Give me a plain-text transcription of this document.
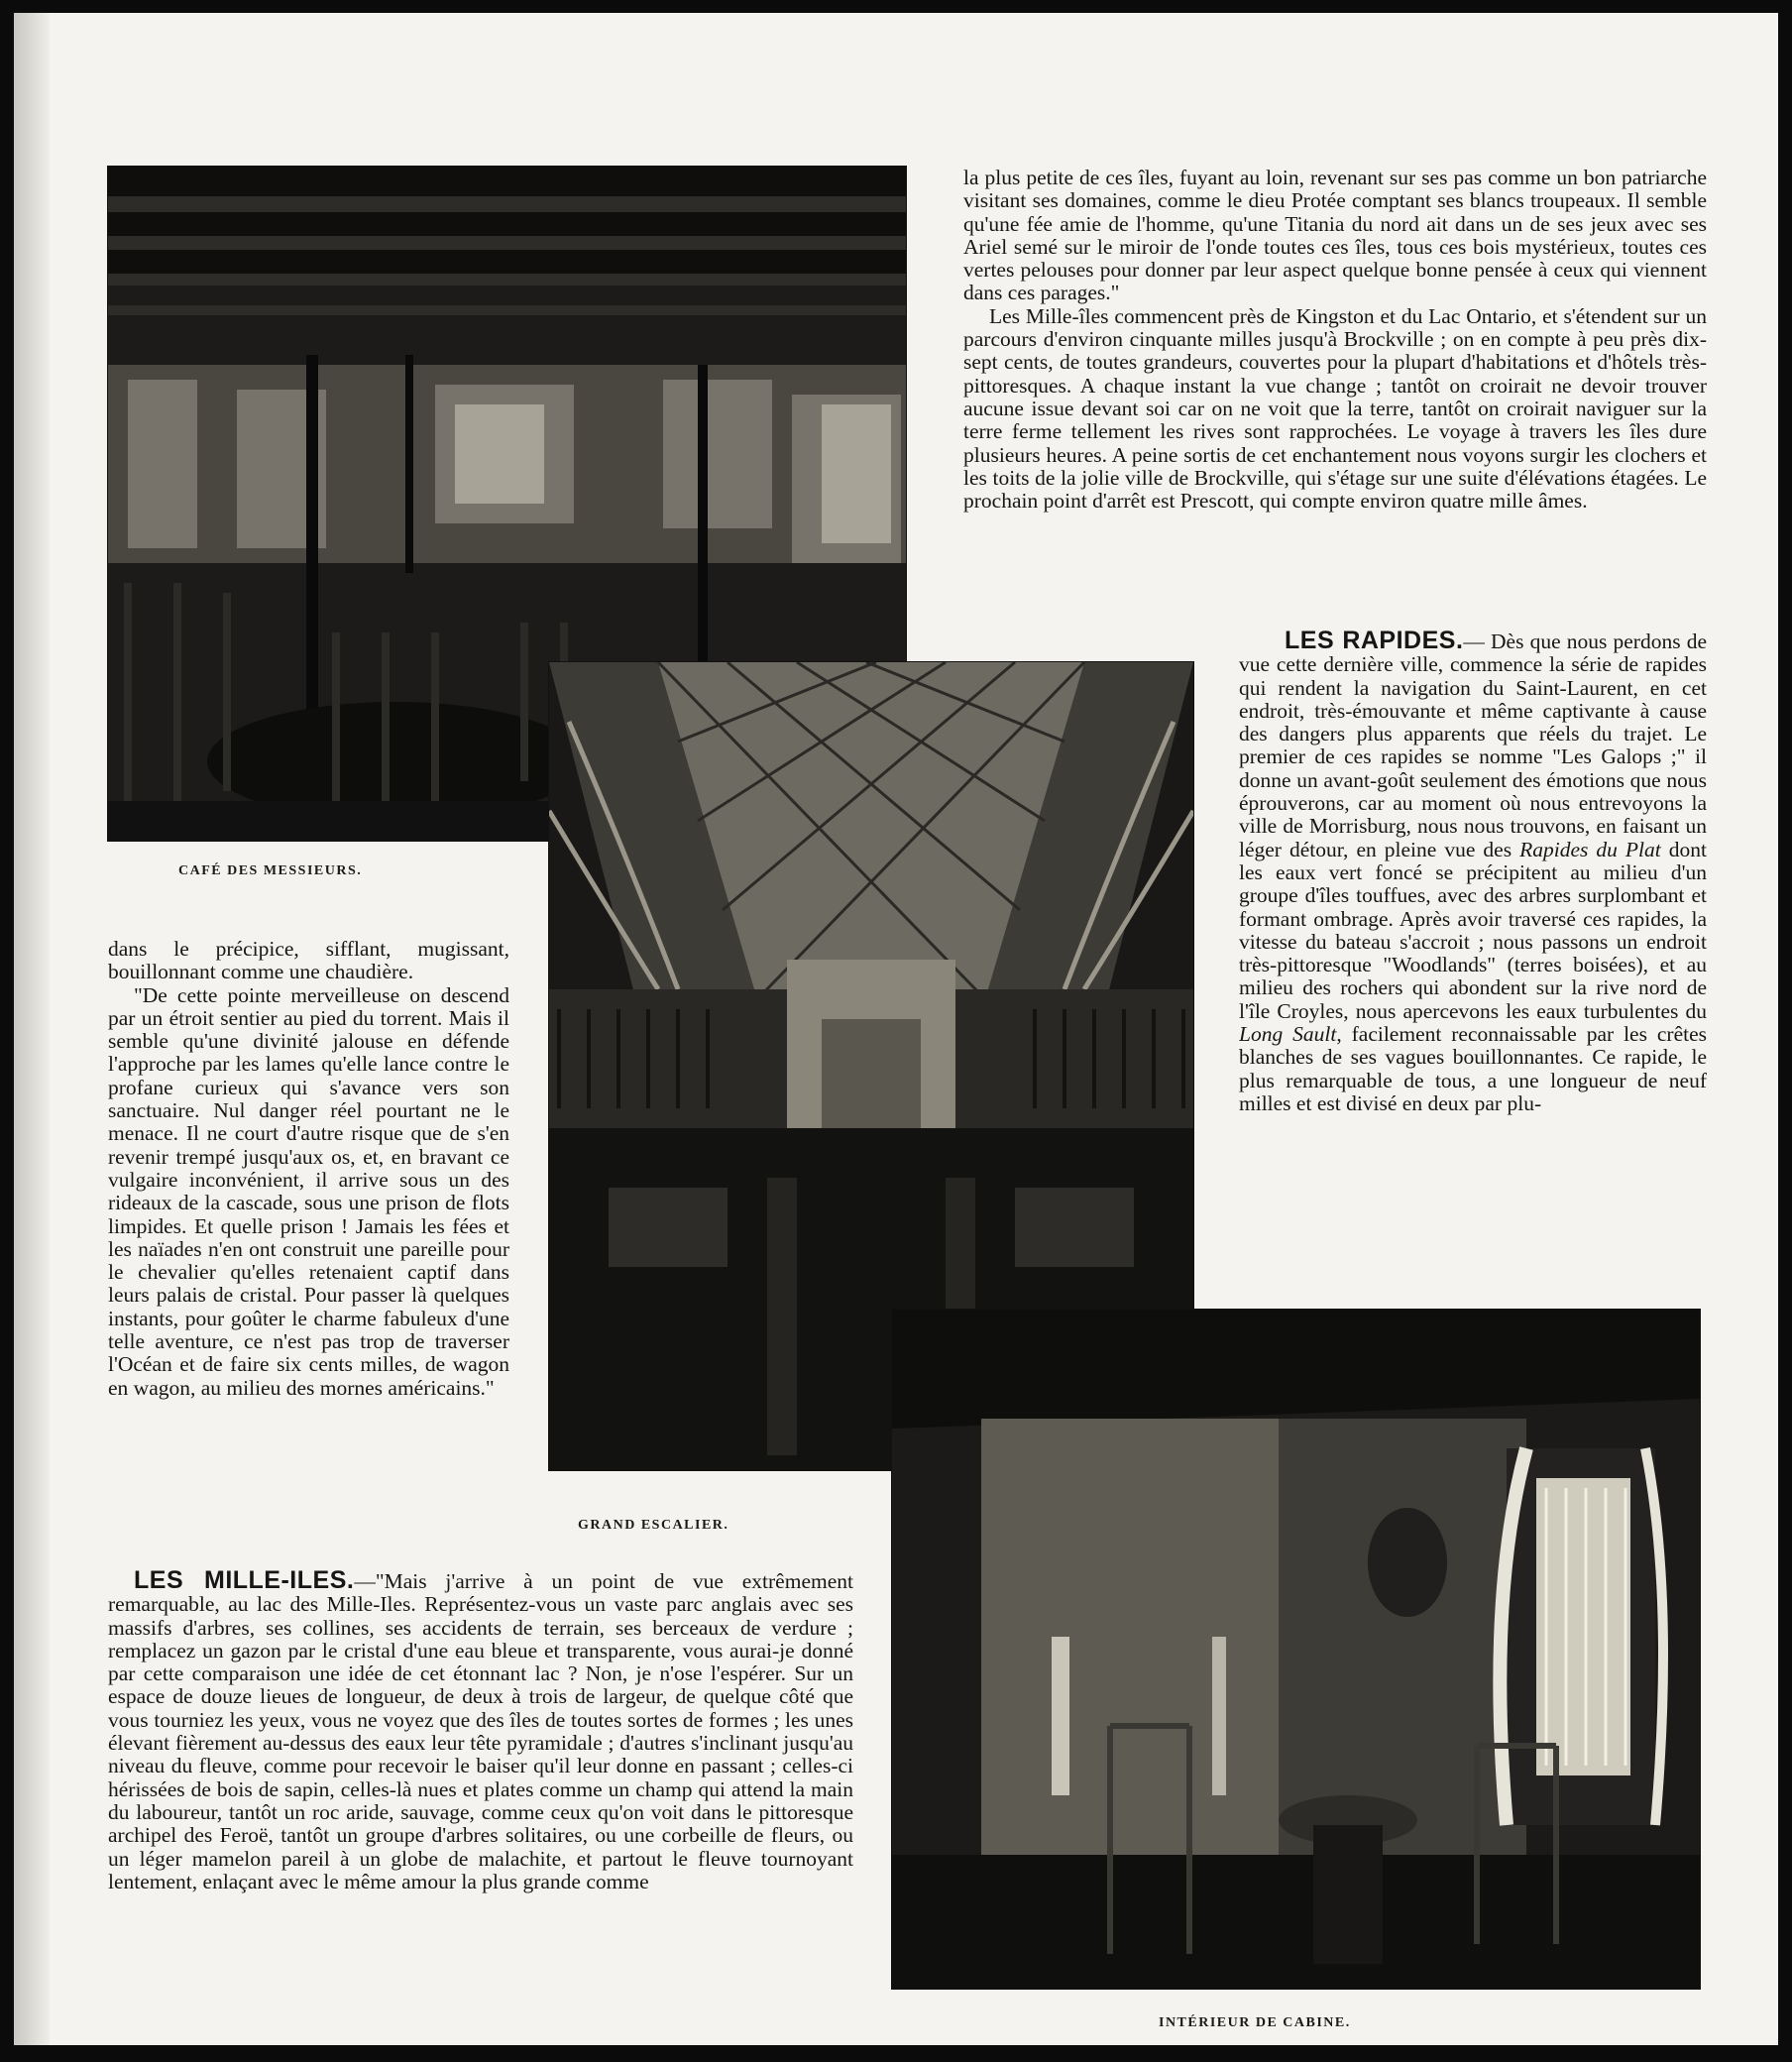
CAFÉ DES MESSIEURS.
GRAND ESCALIER.
INTÉRIEUR DE CABINE.

la plus petite de ces îles, fuyant au loin, revenant sur ses pas comme un bon patriarche visitant ses domaines, comme le dieu Protée comptant ses blancs troupeaux. Il semble qu'une fée amie de l'homme, qu'une Titania du nord ait dans un de ses jeux avec ses Ariel semé sur le miroir de l'onde toutes ces îles, tous ces bois mystérieux, toutes ces vertes pelouses pour donner par leur aspect quelque bonne pensée à ceux qui viennent dans ces parages."

Les Mille-îles commencent près de Kingston et du Lac Ontario, et s'étendent sur un parcours d'environ cinquante milles jusqu'à Brockville ; on en compte à peu près dix-sept cents, de toutes grandeurs, couvertes pour la plupart d'habitations et d'hôtels très-pittoresques. A chaque instant la vue change ; tantôt on croirait ne devoir trouver aucune issue devant soi car on ne voit que la terre, tantôt on croirait naviguer sur la terre ferme tellement les rives sont rapprochées. Le voyage à travers les îles dure plusieurs heures. A peine sortis de cet enchantement nous voyons surgir les clochers et les toits de la jolie ville de Brockville, qui s'étage sur une suite d'élévations étagées. Le prochain point d'arrêt est Prescott, qui compte environ quatre mille âmes.

LES RAPIDES.— Dès que nous perdons de vue cette dernière ville, commence la série de rapides qui rendent la navigation du Saint-Laurent, en cet endroit, très-émouvante et même captivante à cause des dangers plus apparents que réels du trajet. Le premier de ces rapides se nomme "Les Galops ;" il donne un avant-goût seulement des émotions que nous éprouverons, car au moment où nous entrevoyons la ville de Morrisburg, nous nous trouvons, en faisant un léger détour, en pleine vue des Rapides du Plat dont les eaux vert foncé se précipitent au milieu d'un groupe d'îles touffues, avec des arbres surplombant et formant ombrage. Après avoir traversé ces rapides, la vitesse du bateau s'accroit ; nous passons un endroit très-pittoresque "Woodlands" (terres boisées), et au milieu des rochers qui abondent sur la rive nord de l'île Croyles, nous apercevons les eaux turbulentes du Long Sault, facilement reconnaissable par les crêtes blanches de ses vagues bouillonnantes. Ce rapide, le plus remarquable de tous, a une longueur de neuf milles et est divisé en deux par plu-

dans le précipice, sifflant, mugissant, bouillonnant comme une chaudière.

"De cette pointe merveilleuse on descend par un étroit sentier au pied du torrent. Mais il semble qu'une divinité jalouse en défende l'approche par les lames qu'elle lance contre le profane curieux qui s'avance vers son sanctuaire. Nul danger réel pourtant ne le menace. Il ne court d'autre risque que de s'en revenir trempé jusqu'aux os, et, en bravant ce vulgaire inconvénient, il arrive sous un des rideaux de la cascade, sous une prison de flots limpides. Et quelle prison ! Jamais les fées et les naïades n'en ont construit une pareille pour le chevalier qu'elles retenaient captif dans leurs palais de cristal. Pour passer là quelques instants, pour goûter le charme fabuleux d'une telle aventure, ce n'est pas trop de traverser l'Océan et de faire six cents milles, de wagon en wagon, au milieu des mornes américains."

LES MILLE-ILES.—"Mais j'arrive à un point de vue extrêmement remarquable, au lac des Mille-Iles. Représentez-vous un vaste parc anglais avec ses massifs d'arbres, ses collines, ses accidents de terrain, ses berceaux de verdure ; remplacez un gazon par le cristal d'une eau bleue et transparente, vous aurai-je donné par cette comparaison une idée de cet étonnant lac ? Non, je n'ose l'espérer. Sur un espace de douze lieues de longueur, de deux à trois de largeur, de quelque côté que vous tourniez les yeux, vous ne voyez que des îles de toutes sortes de formes ; les unes élevant fièrement au-dessus des eaux leur tête pyramidale ; d'autres s'inclinant jusqu'au niveau du fleuve, comme pour recevoir le baiser qu'il leur donne en passant ; celles-ci hérissées de bois de sapin, celles-là nues et plates comme un champ qui attend la main du laboureur, tantôt un roc aride, sauvage, comme ceux qu'on voit dans le pittoresque archipel des Feroë, tantôt un groupe d'arbres solitaires, ou une corbeille de fleurs, ou un léger mamelon pareil à un globe de malachite, et partout le fleuve tournoyant lentement, enlaçant avec le même amour la plus grande comme
